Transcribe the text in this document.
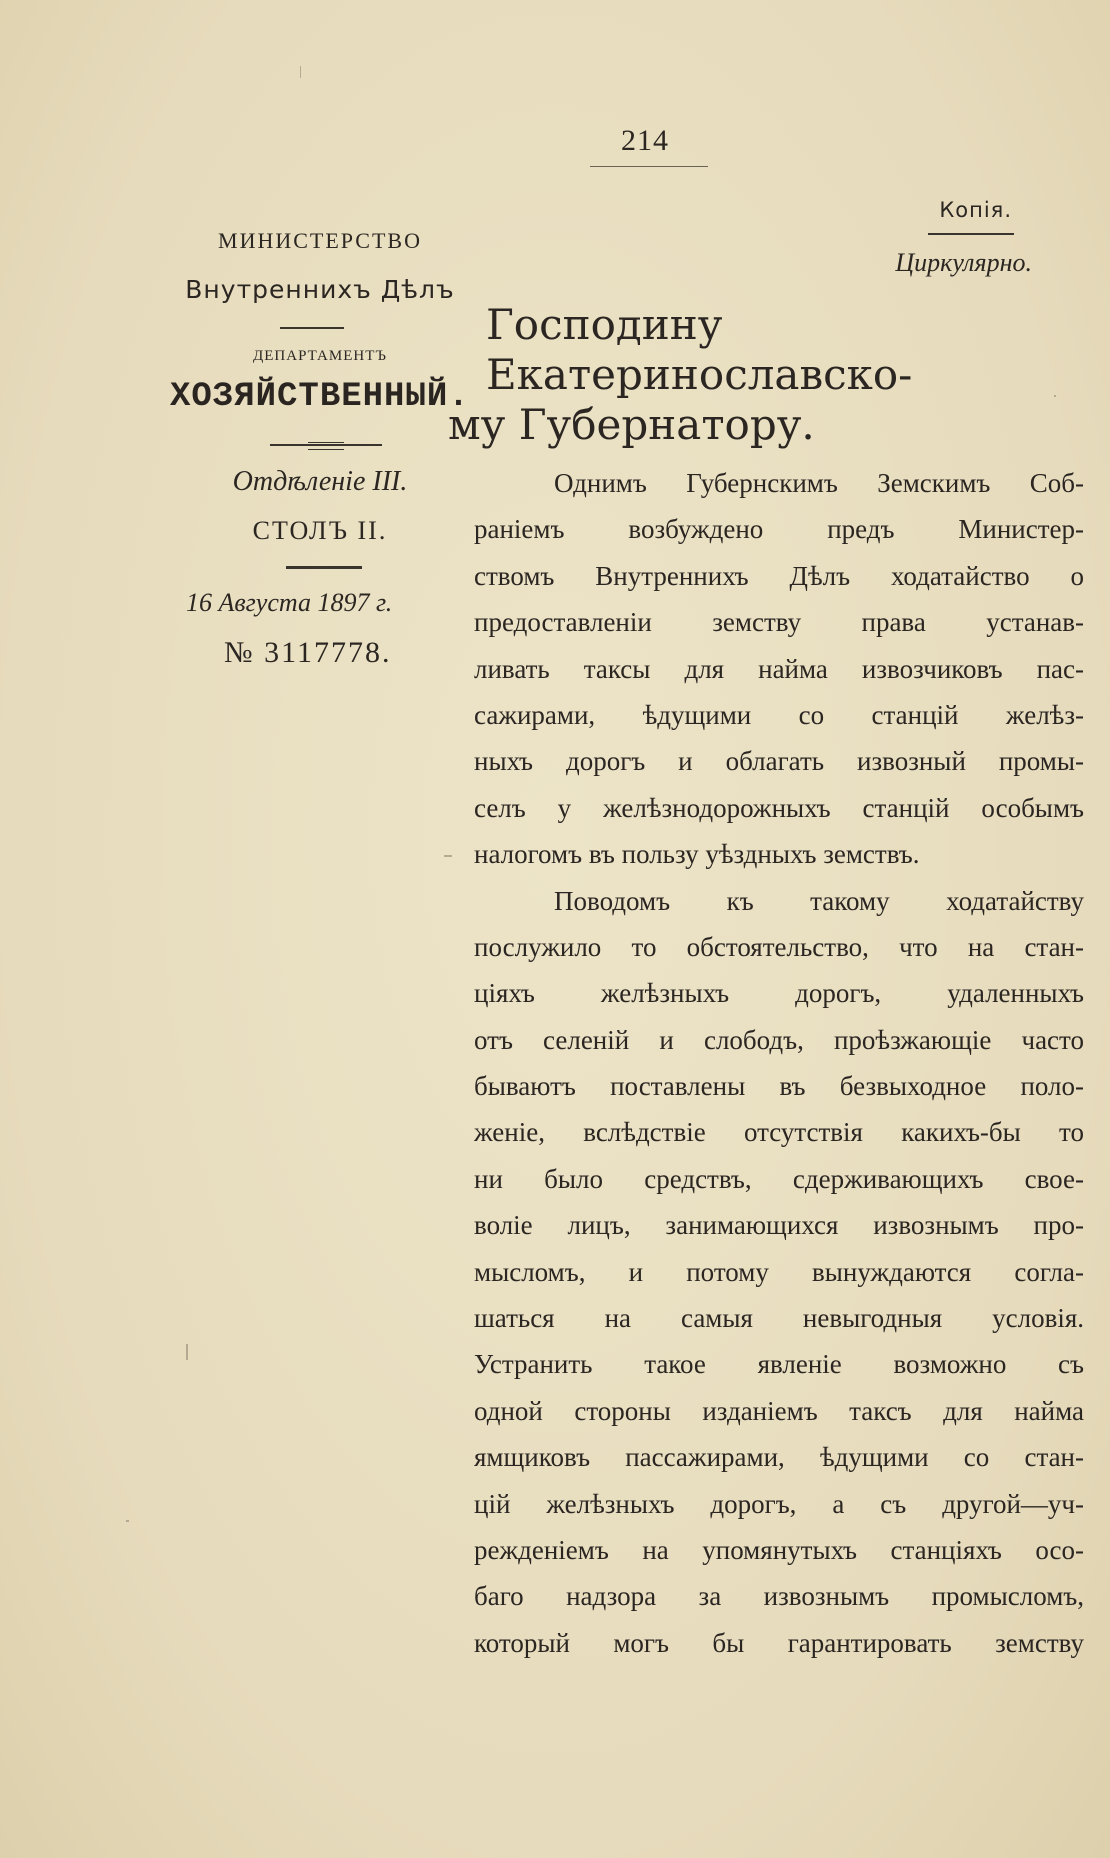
214
Копія.
Циркулярно.
МИНИСТЕРСТВО
Внутреннихъ Дѣлъ
ДЕПАРТАМЕНТЪ
ХОЗЯЙСТВЕННЫЙ.
Отдѣленіе III.
СТОЛЪ II.
16 Августа 1897 г.
№ 3117778.
Господину Екатеринославско-
му Губернатору.
Однимъ Губернскимъ Земскимъ Соб-
раніемъ возбуждено предъ Министер-
ствомъ Внутреннихъ Дѣлъ ходатайство о
предоставленіи земству права устанав-
ливать таксы для найма извозчиковъ пас-
сажирами, ѣдущими со станцій желѣз-
ныхъ дорогъ и облагать извозный промы-
селъ у желѣзнодорожныхъ станцій особымъ
налогомъ въ пользу уѣздныхъ земствъ.
Поводомъ къ такому ходатайству
послужило то обстоятельство, что на стан-
ціяхъ желѣзныхъ дорогъ, удаленныхъ
отъ селеній и слободъ, проѣзжающіе часто
бываютъ поставлены въ безвыходное поло-
женіе, вслѣдствіе отсутствія какихъ-бы то
ни было средствъ, сдерживающихъ свое-
воліе лицъ, занимающихся извознымъ про-
мысломъ, и потому вынуждаются согла-
шаться на самыя невыгодныя условія.
Устранить такое явленіе возможно съ
одной стороны изданіемъ таксъ для найма
ямщиковъ пассажирами, ѣдущими со стан-
цій желѣзныхъ дорогъ, а съ другой—уч-
режденіемъ на упомянутыхъ станціяхъ осо-
баго надзора за извознымъ промысломъ,
который могъ бы гарантировать земству
